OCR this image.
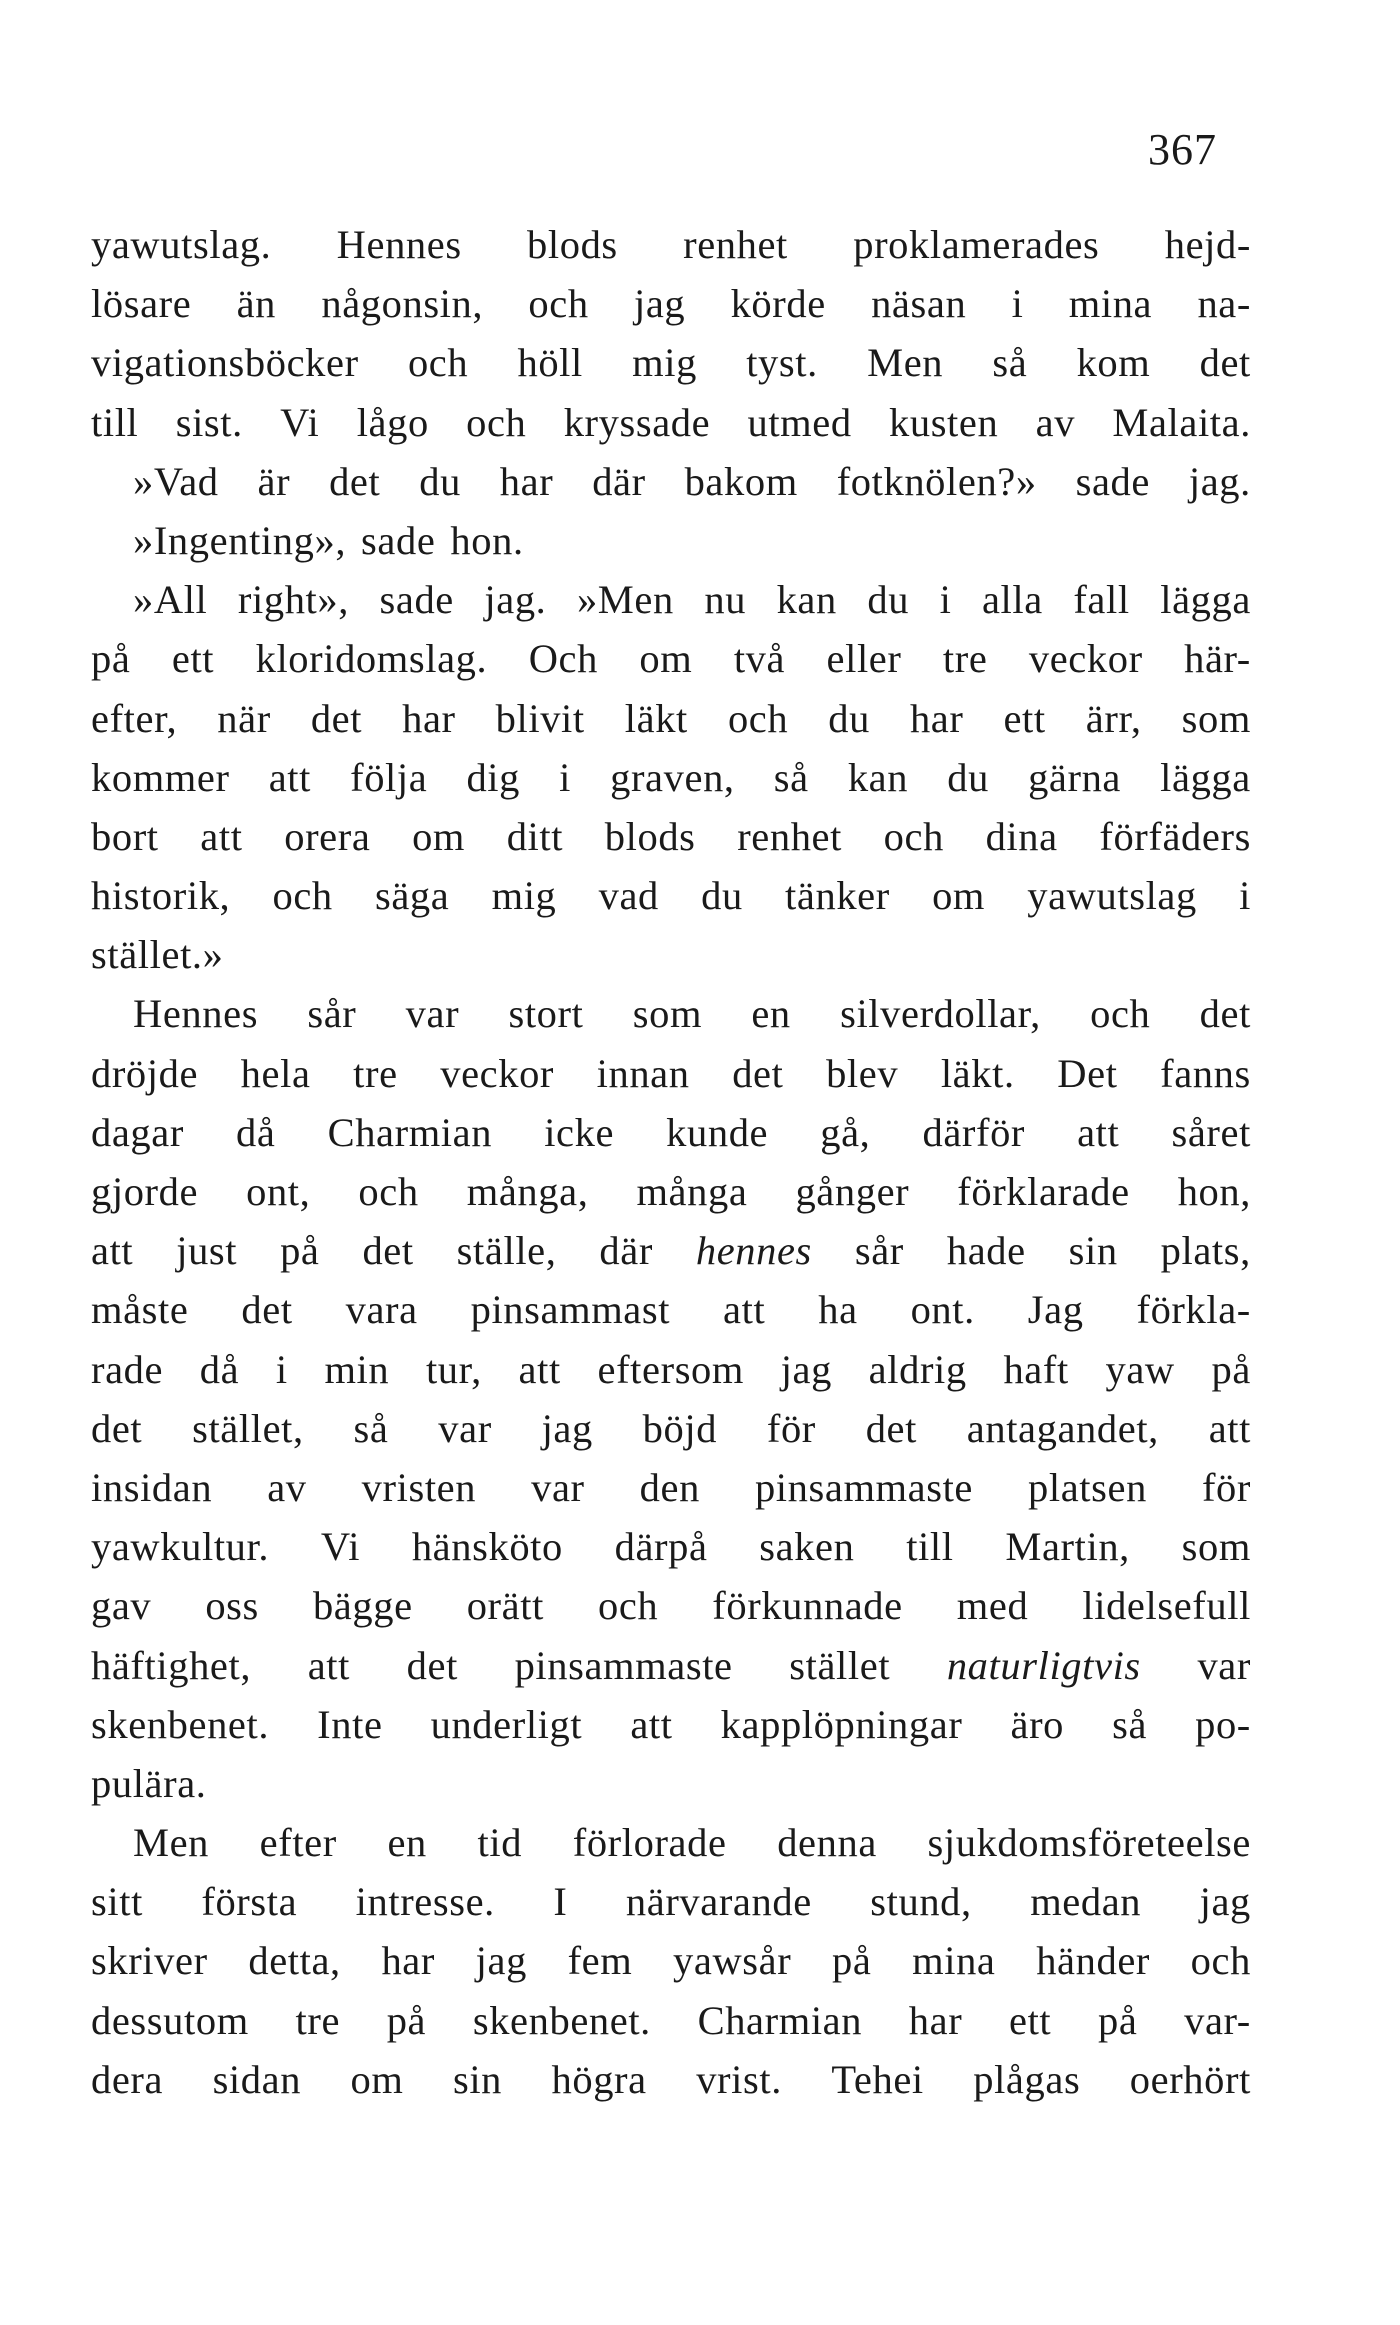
367
yawutslag. Hennes blods renhet proklamerades hejd-
lösare än någonsin, och jag körde näsan i mina na-
vigationsböcker och höll mig tyst. Men så kom det
till sist. Vi lågo och kryssade utmed kusten av Malaita.
»Vad är det du har där bakom fotknölen?» sade jag.
»Ingenting», sade hon.
»All right», sade jag. »Men nu kan du i alla fall lägga
på ett kloridomslag. Och om två eller tre veckor här-
efter, när det har blivit läkt och du har ett ärr, som
kommer att följa dig i graven, så kan du gärna lägga
bort att orera om ditt blods renhet och dina förfäders
historik, och säga mig vad du tänker om yawutslag i
stället.»
Hennes sår var stort som en silverdollar, och det
dröjde hela tre veckor innan det blev läkt. Det fanns
dagar då Charmian icke kunde gå, därför att såret
gjorde ont, och många, många gånger förklarade hon,
att just på det ställe, där hennes sår hade sin plats,
måste det vara pinsammast att ha ont. Jag förkla-
rade då i min tur, att eftersom jag aldrig haft yaw på
det stället, så var jag böjd för det antagandet, att
insidan av vristen var den pinsammaste platsen för
yawkultur. Vi hänsköto därpå saken till Martin, som
gav oss bägge orätt och förkunnade med lidelsefull
häftighet, att det pinsammaste stället naturligtvis var
skenbenet. Inte underligt att kapplöpningar äro så po-
pulära.
Men efter en tid förlorade denna sjukdomsföreteelse
sitt första intresse. I närvarande stund, medan jag
skriver detta, har jag fem yawsår på mina händer och
dessutom tre på skenbenet. Charmian har ett på var-
dera sidan om sin högra vrist. Tehei plågas oerhört
